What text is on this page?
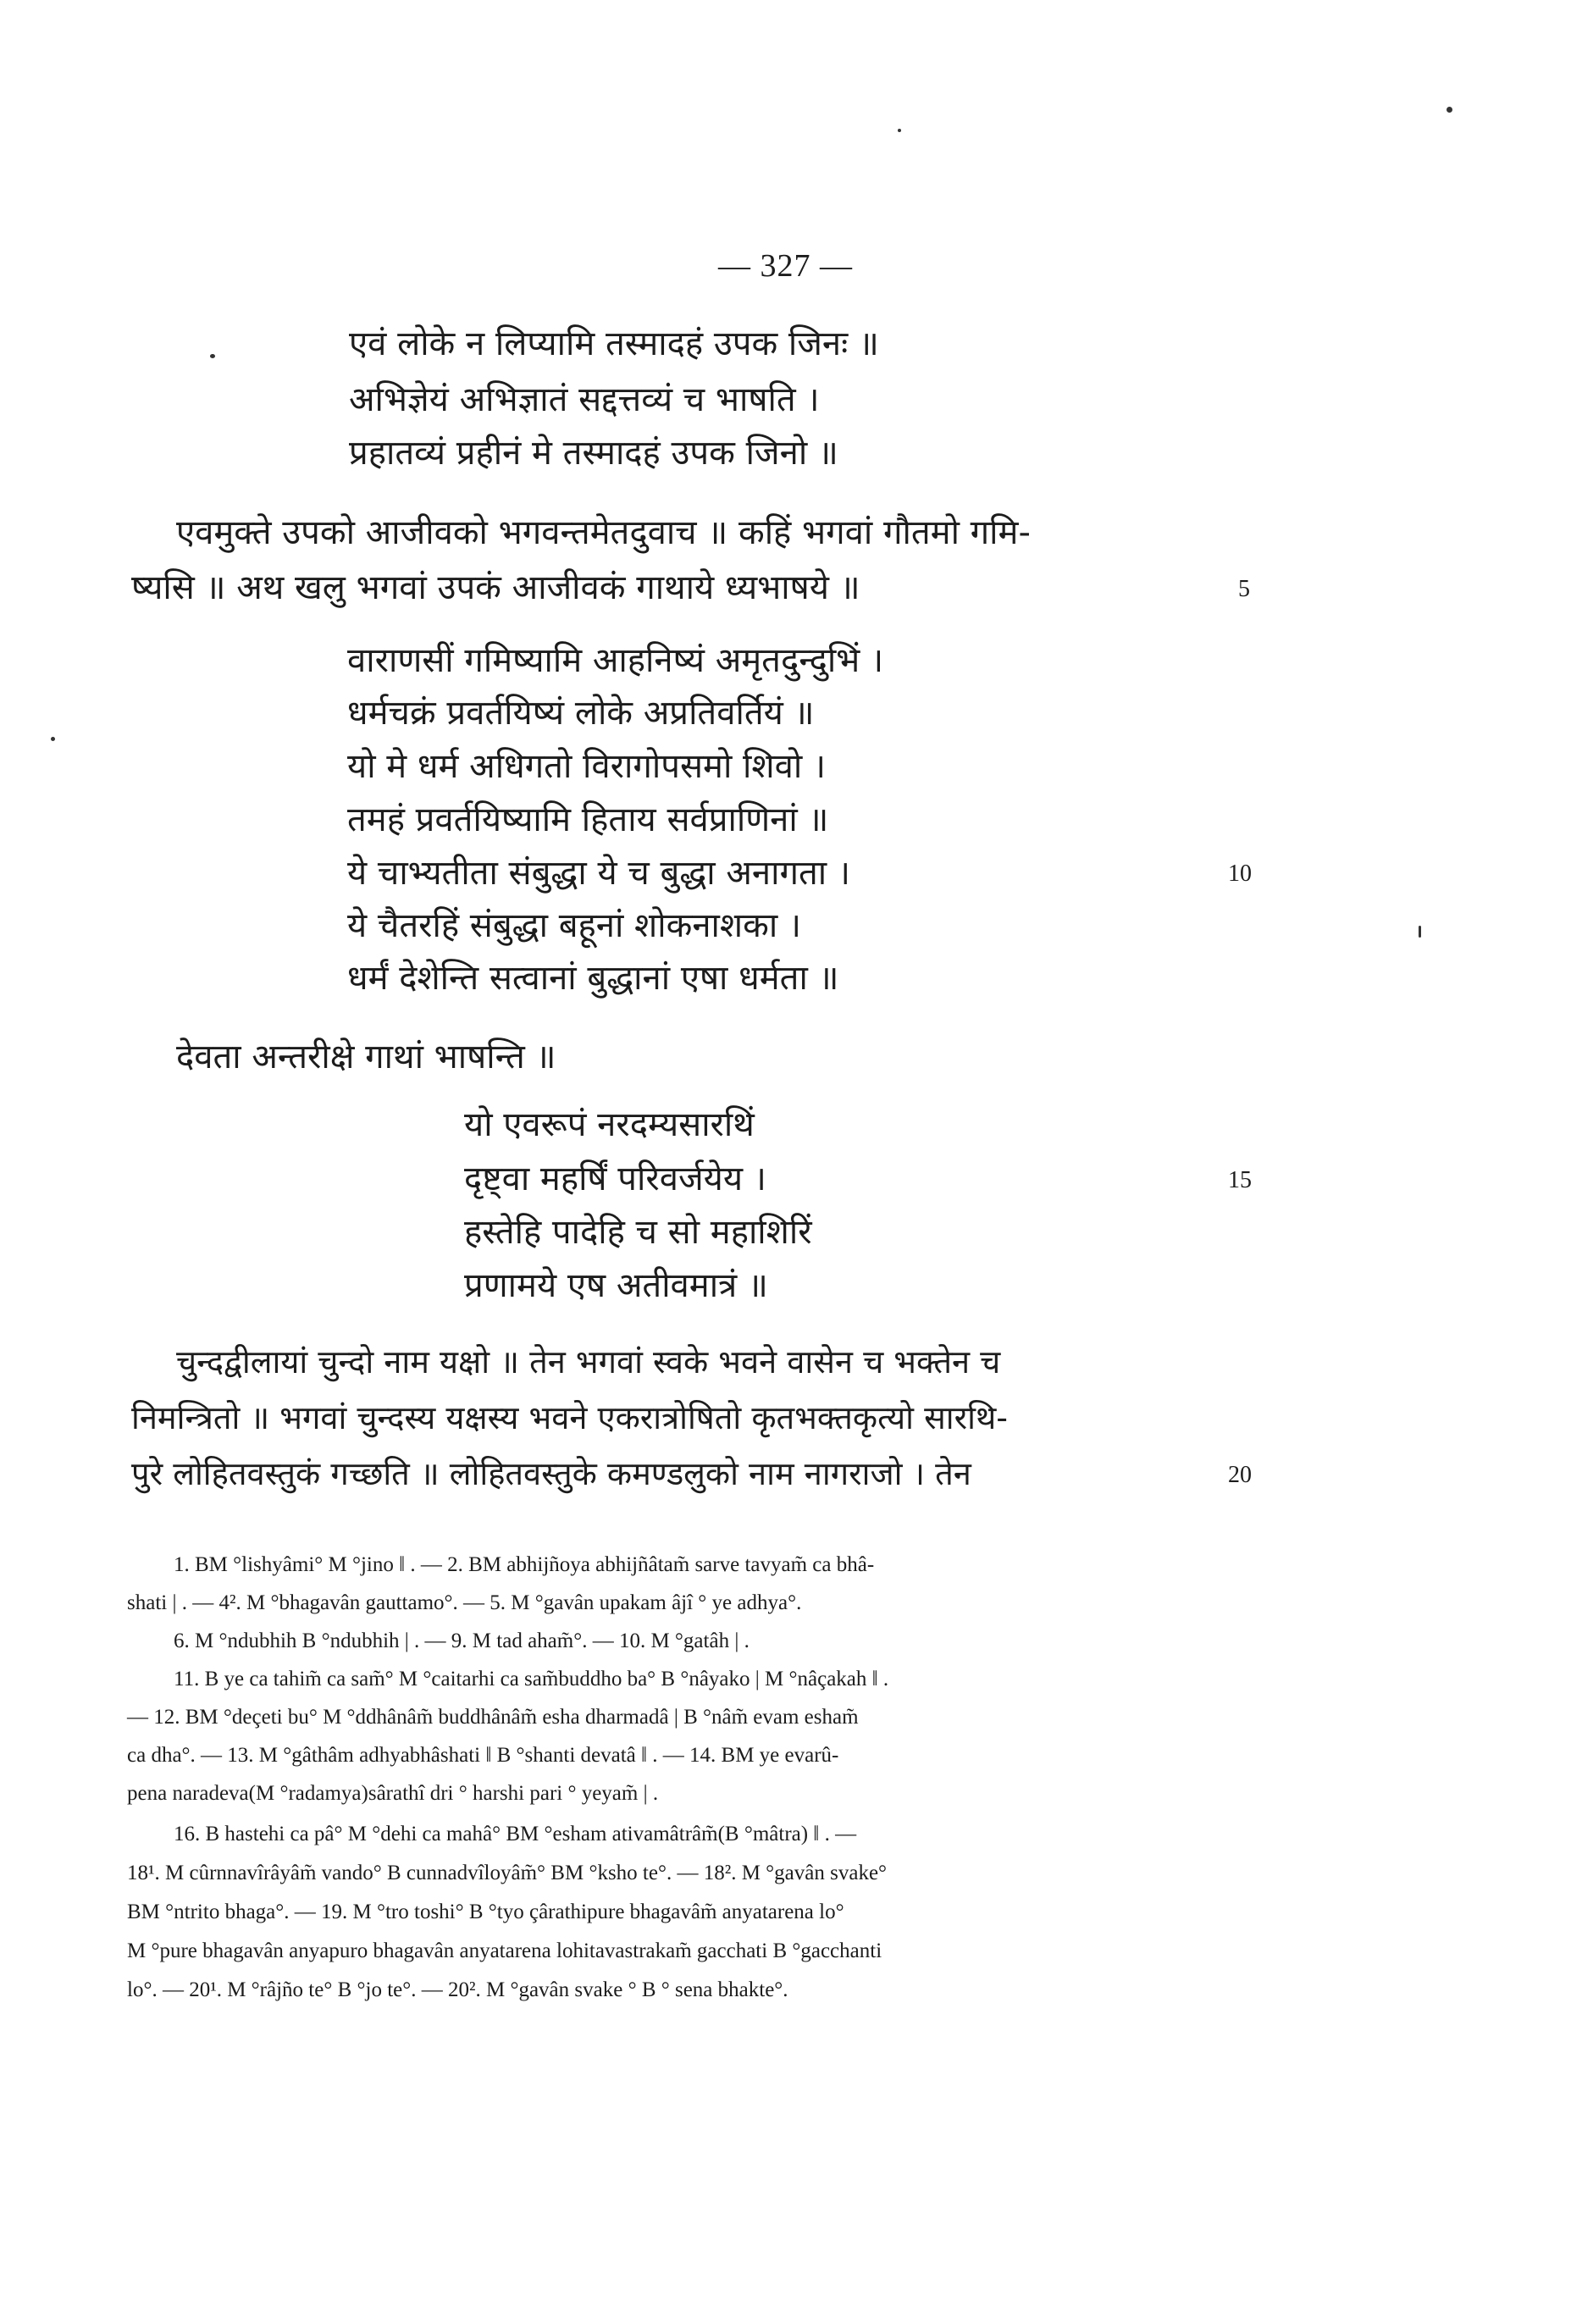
— 327 —
एवं लोके न लिप्यामि तस्मादहं उपक जिनः ॥
अभिज्ञेयं अभिज्ञातं सद्दत्तव्यं च भाषति ।
प्रहातव्यं प्रहीनं मे तस्मादहं उपक जिनो ॥
एवमुक्ते उपको आजीवको भगवन्तमेतदुवाच ॥ कहिं भगवां गौतमो गमि-
ष्यसि ॥ अथ खलु भगवां उपकं आजीवकं गाथाये ध्यभाषये ॥	5
वाराणसीं गमिष्यामि आहनिष्यं अमृतदुन्दुभिं ।
धर्मचक्रं प्रवर्तयिष्यं लोके अप्रतिवर्तियं ॥
यो मे धर्म अधिगतो विरागोपसमो शिवो ।
तमहं प्रवर्तयिष्यामि हिताय सर्वप्राणिनां ॥
ये चाभ्यतीता संबुद्धा ये च बुद्धा अनागता ।	10
ये चैतरहिं संबुद्धा बहूनां शोकनाशका ।
धर्मं देशेन्ति सत्वानां बुद्धानां एषा धर्मता ॥
देवता अन्तरीक्षे गाथां भाषन्ति ॥
यो एवरूपं नरदम्यसारथिं
दृष्ट्वा महर्षिं परिवर्जयेय ।	15
हस्तेहि पादेहि च सो महाशिरिं
प्रणामये एष अतीवमात्रं ॥
चुन्दद्वीलायां चुन्दो नाम यक्षो ॥ तेन भगवां स्वके भवने वासेन च भक्तेन च
निमन्त्रितो ॥ भगवां चुन्दस्य यक्षस्य भवने एकरात्रोषितो कृतभक्तकृत्यो सारथि-
पुरे लोहितवस्तुकं गच्छति ॥ लोहितवस्तुके कमण्डलुको नाम नागराजो । तेन	20
1. BM °lishyâmi° M °jino ‖ . — 2. BM abhijñoya abhijñâtam̃ sarve tavyam̃ ca bhâ-
shati | . — 4². M °bhagavân gauttamo°. — 5. M °gavân upakam âjî ° ye adhya°.
6. M °ndubhih B °ndubhih | . — 9. M tad aham̃°. — 10. M °gatâh | .
11. B ye ca tahim̃ ca sam̃° M °caitarhi ca sam̃buddho ba° B °nâyako | M °nâçakah ‖ .
— 12. BM °deçeti bu° M °ddhânâm̃ buddhânâm̃ esha dharmadâ | B °nâm̃ evam esham̃
ca dha°. — 13. M °gâthâm adhyabhâshati ‖ B °shanti devatâ ‖ . — 14. BM ye evarû-
pena naradeva(M °radamya)sârathî dri ° harshi pari ° yeyam̃ | .
16. B hastehi ca pâ° M °dehi ca mahâ° BM °esham ativamâtrâm̃(B °mâtra) ‖ . —
18¹. M cûrnnavîrâyâm̃ vando° B cunnadvîloyâm̃° BM °ksho te°. — 18². M °gavân svake°
BM °ntrito bhaga°. — 19. M °tro toshi° B °tyo çârathipure bhagavâm̃ anyatarena lo°
M °pure bhagavân anyapuro bhagavân anyatarena lohitavastrakam̃ gacchati B °gacchanti
lo°. — 20¹. M °râjño te° B °jo te°. — 20². M °gavân svake ° B ° sena bhakte°.
